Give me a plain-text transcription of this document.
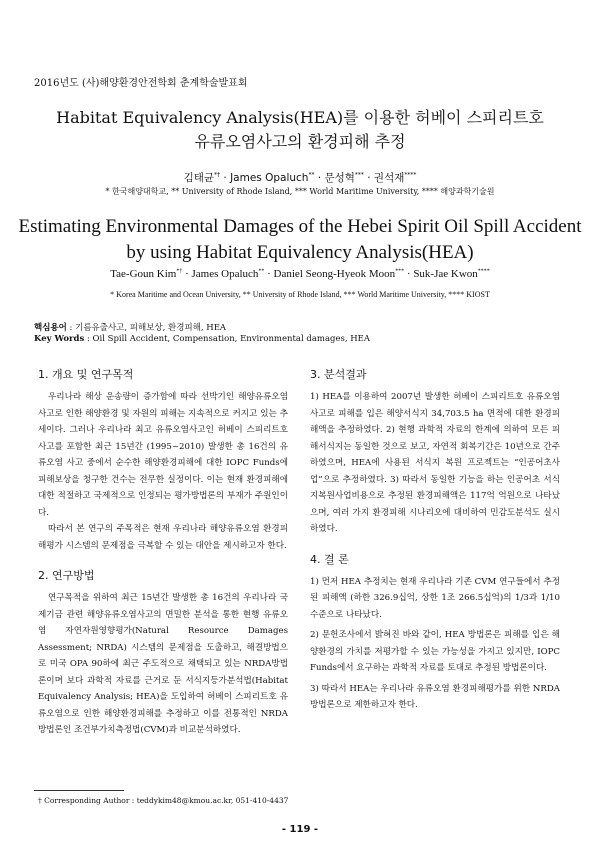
2016년도 (사)해양환경안전학회 춘계학술발표회
Habitat Equivalency Analysis(HEA)를 이용한 허베이 스피리트호
유류오염사고의 환경피해 추정
김태균*† · James Opaluch** · 문성혁*** · 권석재****
* 한국해양대학교, ** University of Rhode Island, *** World Maritime University, **** 해양과학기술원
Estimating Environmental Damages of the Hebei Spirit Oil Spill Accident
by using Habitat Equivalency Analysis(HEA)
Tae-Goun Kim*† · James Opaluch** · Daniel Seong-Hyeok Moon*** · Suk-Jae Kwon****
* Korea Maritime and Ocean University, ** University of Rhode Island, *** World Maritime University, **** KIOST
핵심용어 : 기름유출사고, 피해보상, 환경피해, HEA
Key Words : Oil Spill Accident, Compensation, Environmental damages, HEA
1. 개요 및 연구목적

우리나라 해상 운송량이 증가함에 따라 선박기인 해양유류오염사고로 인한 해양환경 및 자원의 피해는 지속적으로 커지고 있는 추세이다. 그러나 우리나라 최고 유류오염사고인 허베이 스피리트호 사고를 포함한 최근 15년간 (1995~2010) 발생한 총 16건의 유류오염 사고 중에서 순수한 해양환경피해에 대한 IOPC Funds에 피해보상을 청구한 건수는 전무한 실정이다. 이는 현재 환경피해에 대한 적절하고 국제적으로 인정되는 평가방법론의 부재가 주원인이다.

따라서 본 연구의 주목적은 현재 우리나라 해양유류오염 환경피해평가 시스템의 문제점을 극복할 수 있는 대안을 제시하고자 한다.

2. 연구방법

연구목적을 위하여 최근 15년간 발생한 총 16건의 우리나라 국제기금 관련 해양유류오염사고의 면밀한 분석을 통한 현행 유류오염 자연자원영향평가(Natural Resource Damages Assessment; NRDA) 시스템의 문제점을 도출하고, 해결방법으로 미국 OPA 90하에 최근 주도적으로 채택되고 있는 NRDA방법론이며 보다 과학적 자료를 근거로 둔 서식지등가분석법(Habitat Equivalency Analysis; HEA)을 도입하여 허베이 스피리트호 유류오염으로 인한 해양환경피해를 추정하고 이를 전통적인 NRDA방법론인 조건부가치측정법(CVM)과 비교분석하였다.

3. 분석결과

1) HEA를 이용하여 2007년 발생한 허베이 스피리트호 유류오염 사고로 피해를 입은 해양서식지 34,703.5 ha 면적에 대한 환경피해액을 추정하였다. 2) 현행 과학적 자료의 한계에 의하여 모든 피해서식지는 동일한 것으로 보고, 자연적 회복기간은 10년으로 간주하였으며, HEA에 사용된 서식지 복원 프로젝트는 “인공어초사업”으로 추정하였다. 3) 따라서 동일한 기능을 하는 인공어초 서식지복원사업비용으로 추정된 환경피해액은 117억 억원으로 나타났으며, 여러 가지 환경피해 시나리오에 대비하여 민감도분석도 실시하였다.

4. 결 론

1) 먼저 HEA 추정치는 현재 우리나라 기존 CVM 연구들에서 추정된 피해액 (하한 326.9십억, 상한 1조 266.5십억)의 1/3과 1/10 수준으로 나타났다.

2) 문헌조사에서 밝혀진 바와 같이, HEA 방법론은 피해를 입은 해양환경의 가치를 저평가할 수 있는 가능성을 가지고 있지만, IOPC Funds에서 요구하는 과학적 자료를 토대로 추정된 방법론이다.

3) 따라서 HEA는 우리나라 유류오염 환경피해평가를 위한 NRDA 방법론으로 제한하고자 한다.

† Corresponding Author : teddykim48@kmou.ac.kr, 051-410-4437
- 119 -
